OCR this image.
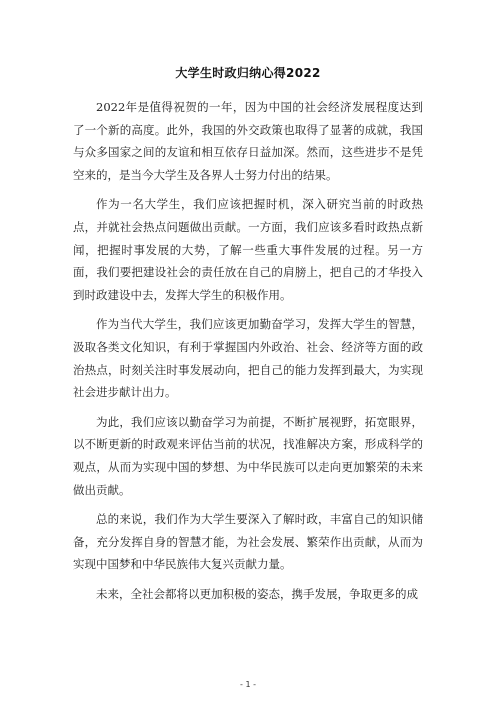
大学生时政归纳心得2022

2022年是值得祝贺的一年，因为中国的社会经济发展程度达到了一个新的高度。此外，我国的外交政策也取得了显著的成就，我国与众多国家之间的友谊和相互依存日益加深。然而，这些进步不是凭空来的，是当今大学生及各界人士努力付出的结果。

作为一名大学生，我们应该把握时机，深入研究当前的时政热点，并就社会热点问题做出贡献。一方面，我们应该多看时政热点新闻，把握时事发展的大势，了解一些重大事件发展的过程。另一方面，我们要把建设社会的责任放在自己的肩膀上，把自己的才华投入到时政建设中去，发挥大学生的积极作用。

作为当代大学生，我们应该更加勤奋学习，发挥大学生的智慧，汲取各类文化知识，有利于掌握国内外政治、社会、经济等方面的政治热点，时刻关注时事发展动向，把自己的能力发挥到最大，为实现社会进步献计出力。

为此，我们应该以勤奋学习为前提，不断扩展视野，拓宽眼界，以不断更新的时政观来评估当前的状况，找准解决方案，形成科学的观点，从而为实现中国的梦想、为中华民族可以走向更加繁荣的未来做出贡献。

总的来说，我们作为大学生要深入了解时政，丰富自己的知识储备，充分发挥自身的智慧才能，为社会发展、繁荣作出贡献，从而为实现中国梦和中华民族伟大复兴贡献力量。

未来，全社会都将以更加积极的姿态，携手发展，争取更多的成

- 1 -
